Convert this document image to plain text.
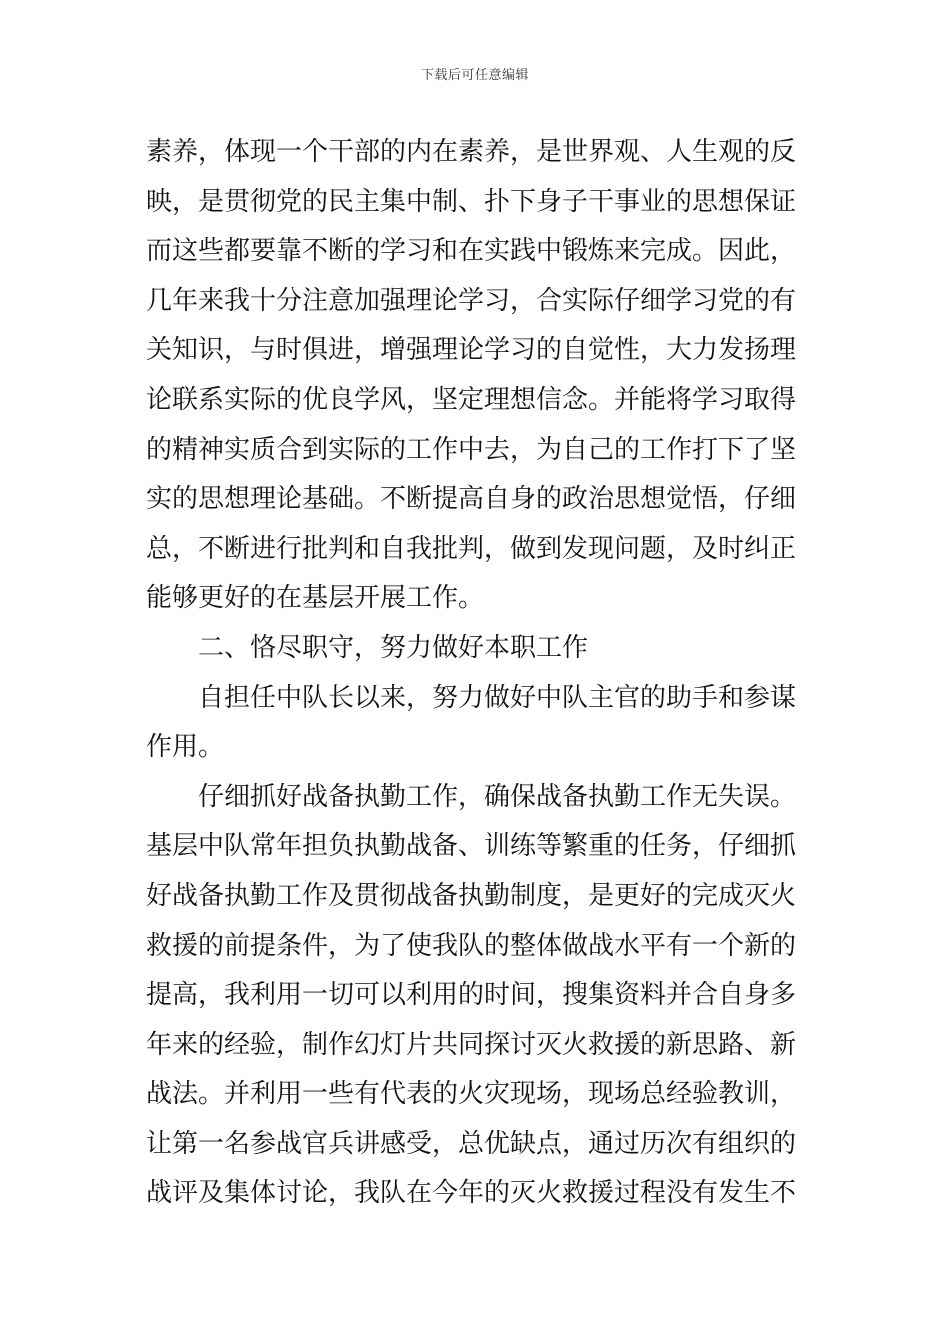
下载后可任意编辑
素养，体现一个干部的内在素养，是世界观、人生观的反
映，是贯彻党的民主集中制、扑下身子干事业的思想保证
而这些都要靠不断的学习和在实践中锻炼来完成。因此，
几年来我十分注意加强理论学习，合实际仔细学习党的有
关知识，与时俱进，增强理论学习的自觉性，大力发扬理
论联系实际的优良学风，坚定理想信念。并能将学习取得
的精神实质合到实际的工作中去，为自己的工作打下了坚
实的思想理论基础。不断提高自身的政治思想觉悟，仔细
总，不断进行批判和自我批判，做到发现问题，及时纠正
能够更好的在基层开展工作。
二、恪尽职守，努力做好本职工作
自担任中队长以来，努力做好中队主官的助手和参谋
作用。
仔细抓好战备执勤工作，确保战备执勤工作无失误。
基层中队常年担负执勤战备、训练等繁重的任务，仔细抓
好战备执勤工作及贯彻战备执勤制度，是更好的完成灭火
救援的前提条件，为了使我队的整体做战水平有一个新的
提高，我利用一切可以利用的时间，搜集资料并合自身多
年来的经验，制作幻灯片共同探讨灭火救援的新思路、新
战法。并利用一些有代表的火灾现场，现场总经验教训，
让第一名参战官兵讲感受，总优缺点，通过历次有组织的
战评及集体讨论，我队在今年的灭火救援过程没有发生不
